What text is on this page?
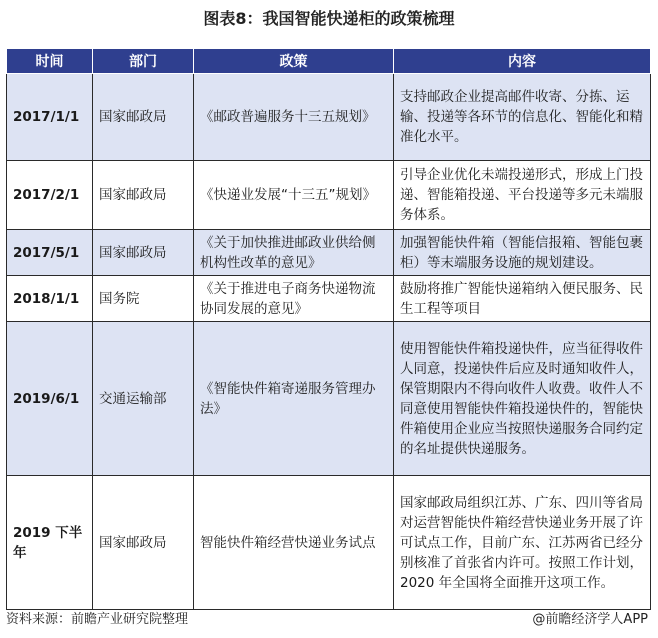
图表8：我国智能快递柜的政策梳理
时间	部门	政策	内容
2017/1/1	国家邮政局	《邮政普遍服务十三五规划》	支持邮政企业提高邮件收寄、分拣、运输、投递等各环节的信息化、智能化和精准化水平。
2017/2/1	国家邮政局	《快递业发展“十三五”规划》	引导企业优化未端投递形式，形成上门投递、智能箱投递、平台投递等多元未端服务体系。
2017/5/1	国家邮政局	《关于加快推进邮政业供给侧机构性改革的意见》	加强智能快件箱（智能信报箱、智能包裹柜）等末端服务设施的规划建设。
2018/1/1	国务院	《关于推进电子商务快递物流协同发展的意见》	鼓励将推广智能快递箱纳入便民服务、民生工程等项目
2019/6/1	交通运输部	《智能快件箱寄递服务管理办法》	使用智能快件箱投递快件，应当征得收件人同意，投递快件后应及时通知收件人，保管期限内不得向收件人收费。收件人不同意使用智能快件箱投递快件的，智能快件箱使用企业应当按照快递服务合同约定的名址提供快递服务。
2019 下半年	国家邮政局	智能快件箱经营快递业务试点	国家邮政局组织江苏、广东、四川等省局对运营智能快件箱经营快递业务开展了许可试点工作，目前广东、江苏两省已经分别核准了首张省内许可。按照工作计划，2020 年全国将全面推开这项工作。
资料来源：前瞻产业研究院整理	@前瞻经济学人APP
